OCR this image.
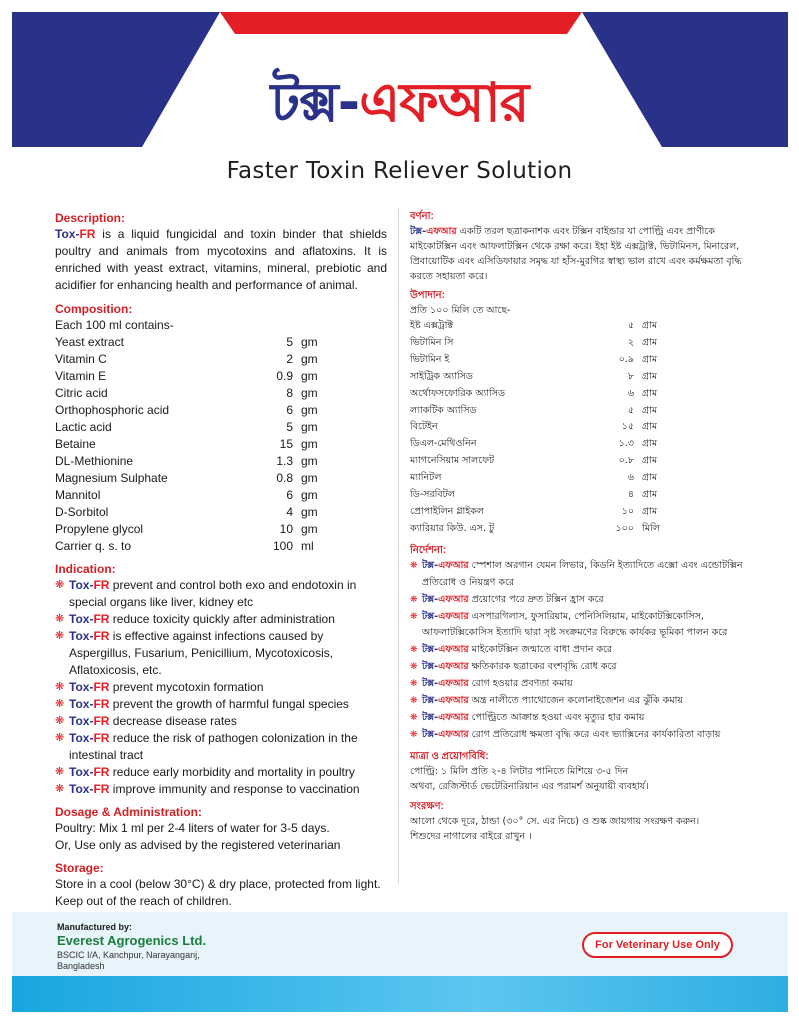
টক্স-এফআর
Faster Toxin Reliever Solution
Description:
Tox-FR is a liquid fungicidal and toxin binder that shields poultry and animals from mycotoxins and aflatoxins. It is enriched with yeast extract, vitamins, mineral, prebiotic and acidifier for enhancing health and performance of animal.
Composition:
Each 100 ml contains-
Yeast extract	5 gm
Vitamin C	2 gm
Vitamin E	0.9 gm
Citric acid	8 gm
Orthophosphoric acid	6 gm
Lactic acid	5 gm
Betaine	15 gm
DL-Methionine	1.3 gm
Magnesium Sulphate	0.8 gm
Mannitol	6 gm
D-Sorbitol	4 gm
Propylene glycol	10 gm
Carrier q. s. to	100 ml
Indication:
❋ Tox-FR prevent and control both exo and endotoxin in special organs like liver, kidney etc
❋ Tox-FR reduce toxicity quickly after administration
❋ Tox-FR is effective against infections caused by Aspergillus, Fusarium, Penicillium, Mycotoxicosis, Aflatoxicosis, etc.
❋ Tox-FR prevent mycotoxin formation
❋ Tox-FR prevent the growth of harmful fungal species
❋ Tox-FR decrease disease rates
❋ Tox-FR reduce the risk of pathogen colonization in the intestinal tract
❋ Tox-FR reduce early morbidity and mortality in poultry
❋ Tox-FR improve immunity and response to vaccination
Dosage & Administration:
Poultry: Mix 1 ml per 2-4 liters of water for 3-5 days.
Or, Use only as advised by the registered veterinarian
Storage:
Store in a cool (below 30°C) & dry place, protected from light.
Keep out of the reach of children.
বর্ণনা:
টক্স-এফআর একটি তরল ছত্রাকনাশক এবং টক্সিন বাইন্ডার যা পোল্ট্রি এবং প্রাণীকে মাইকোটক্সিন এবং আফলাটক্সিন থেকে রক্ষা করে। ইহা ইষ্ট এক্সট্রাক্ট, ভিটামিনস, মিনারেল, প্রিবায়োটিক এবং এসিডিফায়ার সমৃদ্ধ যা হাঁস-মুরগির স্বাস্থ্য ভাল রাখে এবং কর্মক্ষমতা বৃদ্ধি করতে সহায়তা করে।
উপাদান:
প্রতি ১০০ মিলি তে আছে-
ইষ্ট এক্সট্রাক্ট	৫ গ্রাম
ভিটামিন সি	২ গ্রাম
ভিটামিন ই	০.৯ গ্রাম
সাইট্রিক অ্যাসিড	৮ গ্রাম
অর্থোফসফোরিক অ্যাসিড	৬ গ্রাম
ল্যাকটিক অ্যাসিড	৫ গ্রাম
বিটেইন	১৫ গ্রাম
ডিএল-মেথিওনিন	১.৩ গ্রাম
ম্যাগনেসিয়াম সালফেট	০.৮ গ্রাম
ম্যানিটল	৬ গ্রাম
ডি-সরবিটল	৪ গ্রাম
প্রোপাইলিন গ্লাইকল	১০ গ্রাম
ক্যারিয়ার কিউ. এস. টু	১০০ মিলি
নির্দেশনা:
❋ টক্স-এফআর স্পেশাল অরগান যেমন লিভার, কিডনি ইত্যাদিতে এক্সো এবং এন্ডোটক্সিন প্রতিরোধ ও নিয়ন্ত্রণ করে
❋ টক্স-এফআর প্রয়োগের পরে দ্রুত টক্সিন হ্রাস করে
❋ টক্স-এফআর এসপারগিলাস, ফুসারিয়াম, পেনিসিলিয়াম, মাইকোটক্সিকোসিস, আফলাটক্সিকোসিস ইত্যাদি দ্বারা সৃষ্ট সংক্রমণের বিরুদ্ধে কার্যকর ভূমিকা পালন করে
❋ টক্স-এফআর মাইকোটক্সিন জন্মাতে বাধা প্রদান করে
❋ টক্স-এফআর ক্ষতিকারক ছত্রাকের বংশবৃদ্ধি রোধ করে
❋ টক্স-এফআর রোগ হওয়ার প্রবণতা কমায়
❋ টক্স-এফআর অন্ত্র নালীতে প্যাথোজেন কলোনাইজেশন এর ঝুঁকি কমায়
❋ টক্স-এফআর পোল্ট্রিতে আক্রান্ত হওয়া এবং মৃত্যুর হার কমায়
❋ টক্স-এফআর রোগ প্রতিরোধ ক্ষমতা বৃদ্ধি করে এবং ভ্যাক্সিনের কার্যকারিতা বাড়ায়
মাত্রা ও প্রয়োগবিধি:
পোল্ট্রি: ১ মিলি প্রতি ২-৪ লিটার পানিতে মিশিয়ে ৩-৫ দিন
অথবা, রেজিস্টার্ড ভেটেরিনারিয়ান এর পরামর্শ অনুযায়ী ব্যবহার্য।
সংরক্ষণ:
আলো থেকে দূরে, ঠান্ডা (৩০° সে. এর নিচে) ও শুষ্ক জায়গায় সংরক্ষণ করুন।
শিশুদের নাগালের বাইরে রাখুন ।
Manufactured by:
Everest Agrogenics Ltd.
BSCIC I/A, Kanchpur, Narayanganj, Bangladesh
For Veterinary Use Only
